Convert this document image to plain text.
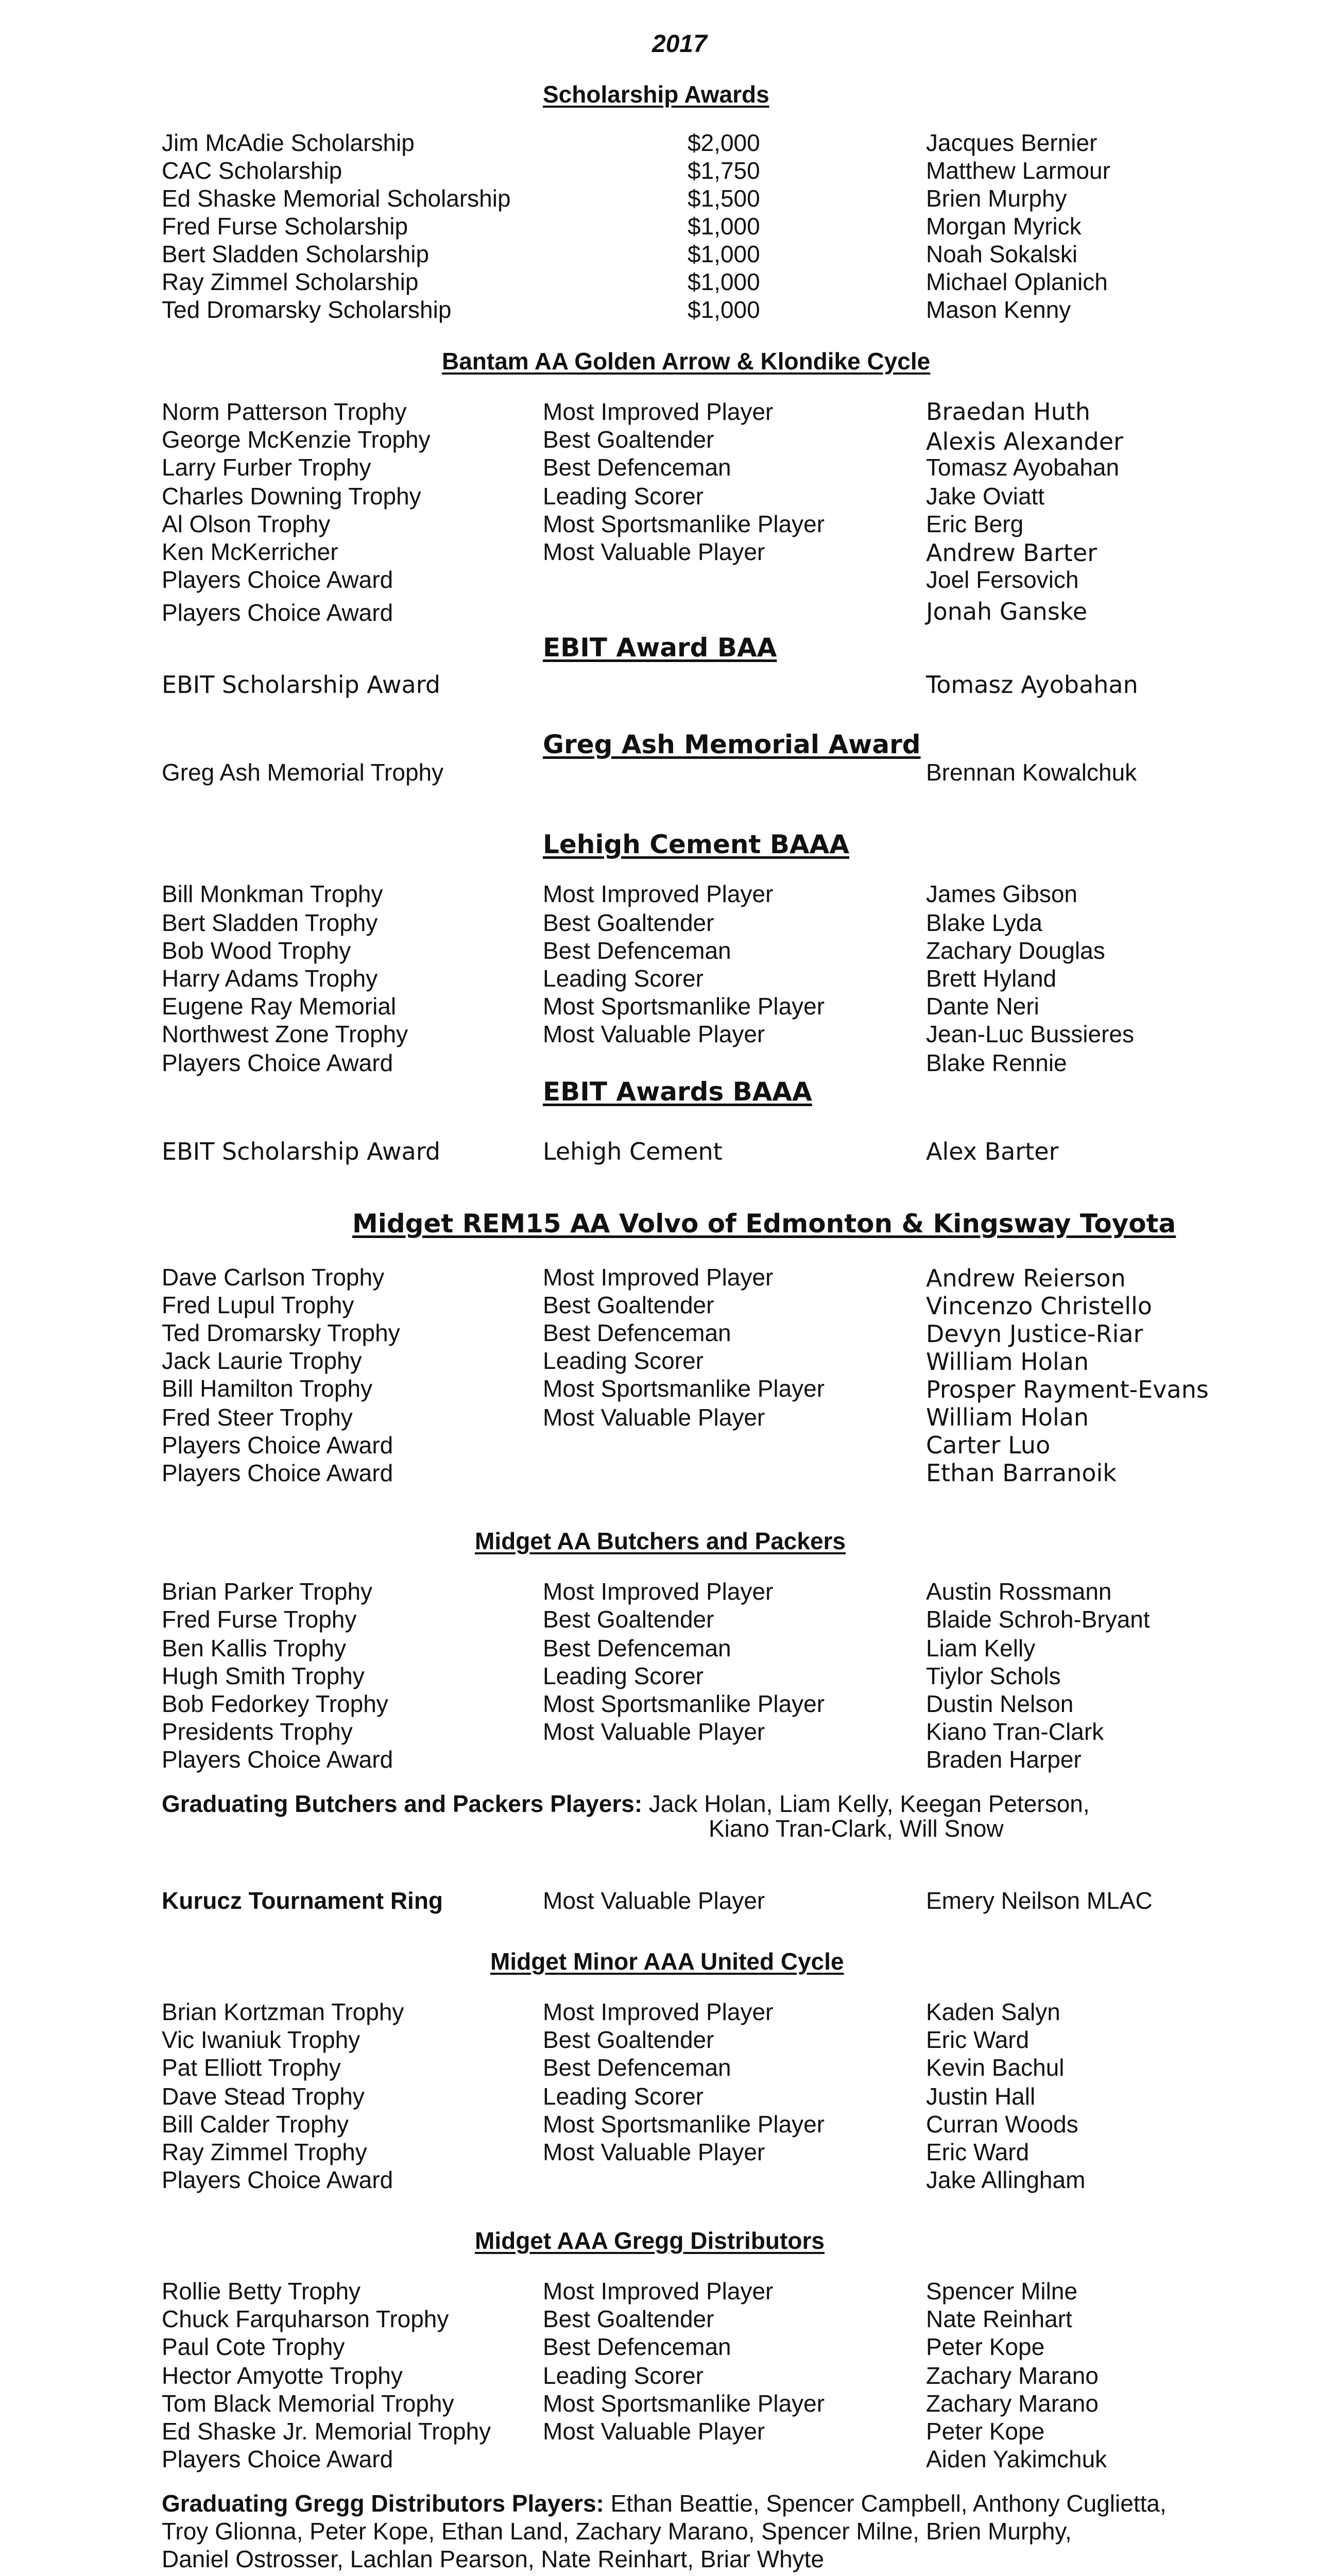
2017
Scholarship Awards
Jim McAdie Scholarship	$2,000	Jacques Bernier
CAC Scholarship	$1,750	Matthew Larmour
Ed Shaske Memorial Scholarship	$1,500	Brien Murphy
Fred Furse Scholarship	$1,000	Morgan Myrick
Bert Sladden Scholarship	$1,000	Noah Sokalski
Ray Zimmel Scholarship	$1,000	Michael Oplanich
Ted Dromarsky Scholarship	$1,000	Mason Kenny
Bantam AA Golden Arrow & Klondike Cycle
Norm Patterson Trophy	Most Improved Player	Braedan Huth
George McKenzie Trophy	Best Goaltender	Alexis Alexander
Larry Furber Trophy	Best Defenceman	Tomasz Ayobahan
Charles Downing Trophy	Leading Scorer	Jake Oviatt
Al Olson Trophy	Most Sportsmanlike Player	Eric Berg
Ken McKerricher	Most Valuable Player	Andrew Barter
Players Choice Award	Joel Fersovich
Players Choice Award	Jonah Ganske
EBIT Award BAA
EBIT Scholarship Award	Tomasz Ayobahan
Greg Ash Memorial Award
Greg Ash Memorial Trophy	Brennan Kowalchuk
Lehigh Cement BAAA
Bill Monkman Trophy	Most Improved Player	James Gibson
Bert Sladden Trophy	Best Goaltender	Blake Lyda
Bob Wood Trophy	Best Defenceman	Zachary Douglas
Harry Adams Trophy	Leading Scorer	Brett Hyland
Eugene Ray Memorial	Most Sportsmanlike Player	Dante Neri
Northwest Zone Trophy	Most Valuable Player	Jean-Luc Bussieres
Players Choice Award	Blake Rennie
EBIT Awards BAAA
EBIT Scholarship Award	Lehigh Cement	Alex Barter
Midget REM15 AA Volvo of Edmonton & Kingsway Toyota
Dave Carlson Trophy	Most Improved Player	Andrew Reierson
Fred Lupul Trophy	Best Goaltender	Vincenzo Christello
Ted Dromarsky Trophy	Best Defenceman	Devyn Justice-Riar
Jack Laurie Trophy	Leading Scorer	William Holan
Bill Hamilton Trophy	Most Sportsmanlike Player	Prosper Rayment-Evans
Fred Steer Trophy	Most Valuable Player	William Holan
Players Choice Award	Carter Luo
Players Choice Award	Ethan Barranoik
Midget AA Butchers and Packers
Brian Parker Trophy	Most Improved Player	Austin Rossmann
Fred Furse Trophy	Best Goaltender	Blaide Schroh-Bryant
Ben Kallis Trophy	Best Defenceman	Liam Kelly
Hugh Smith Trophy	Leading Scorer	Tiylor Schols
Bob Fedorkey Trophy	Most Sportsmanlike Player	Dustin Nelson
Presidents Trophy	Most Valuable Player	Kiano Tran-Clark
Players Choice Award	Braden Harper
Graduating Butchers and Packers Players: Jack Holan, Liam Kelly, Keegan Peterson,
Kiano Tran-Clark, Will Snow
Kurucz Tournament Ring	Most Valuable Player	Emery Neilson MLAC
Midget Minor AAA United Cycle
Brian Kortzman Trophy	Most Improved Player	Kaden Salyn
Vic Iwaniuk Trophy	Best Goaltender	Eric Ward
Pat Elliott Trophy	Best Defenceman	Kevin Bachul
Dave Stead Trophy	Leading Scorer	Justin Hall
Bill Calder Trophy	Most Sportsmanlike Player	Curran Woods
Ray Zimmel Trophy	Most Valuable Player	Eric Ward
Players Choice Award	Jake Allingham
Midget AAA Gregg Distributors
Rollie Betty Trophy	Most Improved Player	Spencer Milne
Chuck Farquharson Trophy	Best Goaltender	Nate Reinhart
Paul Cote Trophy	Best Defenceman	Peter Kope
Hector Amyotte Trophy	Leading Scorer	Zachary Marano
Tom Black Memorial Trophy	Most Sportsmanlike Player	Zachary Marano
Ed Shaske Jr. Memorial Trophy Most Valuable Player	Peter Kope
Players Choice Award	Aiden Yakimchuk
Graduating Gregg Distributors Players: Ethan Beattie, Spencer Campbell, Anthony Cuglietta,
Troy Glionna, Peter Kope, Ethan Land, Zachary Marano, Spencer Milne, Brien Murphy,
Daniel Ostrosser, Lachlan Pearson, Nate Reinhart, Briar Whyte
